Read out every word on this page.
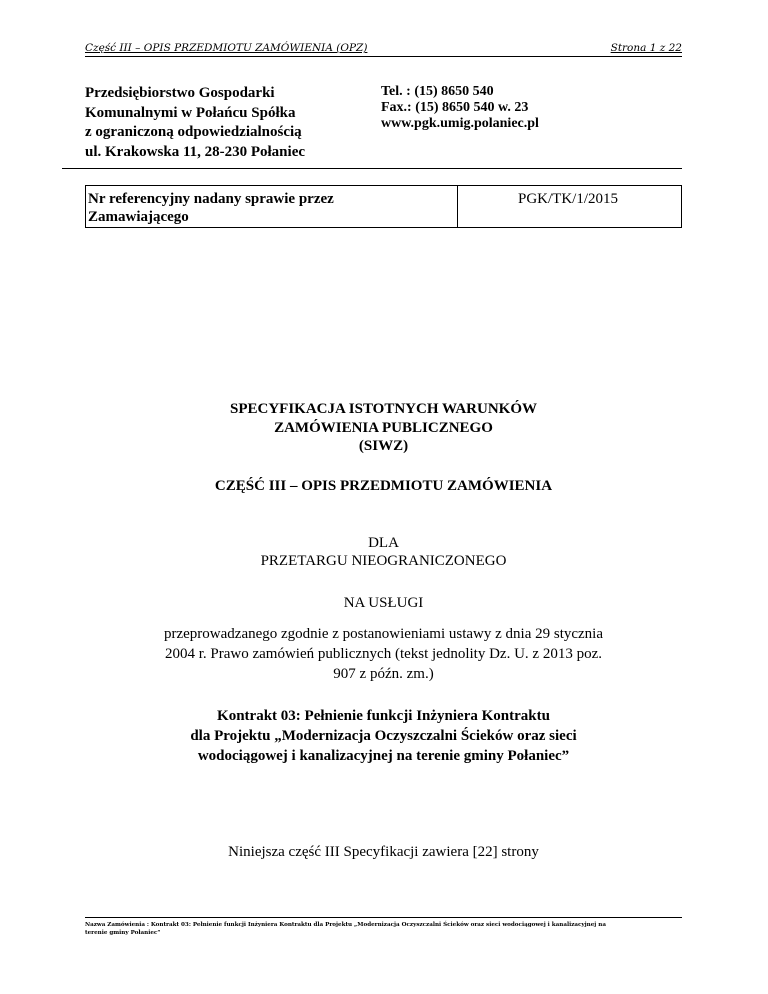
Część III – OPIS PRZEDMIOTU ZAMÓWIENIA (OPZ)	Strona 1 z 22
Przedsiębiorstwo Gospodarki
Komunalnymi w Połańcu Spółka
z ograniczoną odpowiedzialnością
ul. Krakowska 11, 28-230 Połaniec
Tel. : (15) 8650 540
Fax.: (15) 8650 540 w. 23
www.pgk.umig.polaniec.pl
Nr referencyjny nadany sprawie przez
Zamawiającego
PGK/TK/1/2015
SPECYFIKACJA ISTOTNYCH WARUNKÓW
ZAMÓWIENIA PUBLICZNEGO
(SIWZ)
CZĘŚĆ III – OPIS PRZEDMIOTU ZAMÓWIENIA
DLA
PRZETARGU NIEOGRANICZONEGO
NA USŁUGI
przeprowadzanego zgodnie z postanowieniami ustawy z dnia 29 stycznia
2004 r. Prawo zamówień publicznych (tekst jednolity Dz. U. z 2013 poz.
907 z późn. zm.)
Kontrakt 03: Pełnienie funkcji Inżyniera Kontraktu
dla Projektu „Modernizacja Oczyszczalni Ścieków oraz sieci
wodociągowej i kanalizacyjnej na terenie gminy Połaniec”
Niniejsza część III Specyfikacji zawiera [22] strony
Nazwa Zamówienia : Kontrakt 03: Pełnienie funkcji Inżyniera Kontraktu dla Projektu „Modernizacja Oczyszczalni Ścieków oraz sieci wodociągowej i kanalizacyjnej na
terenie gminy Połaniec”
